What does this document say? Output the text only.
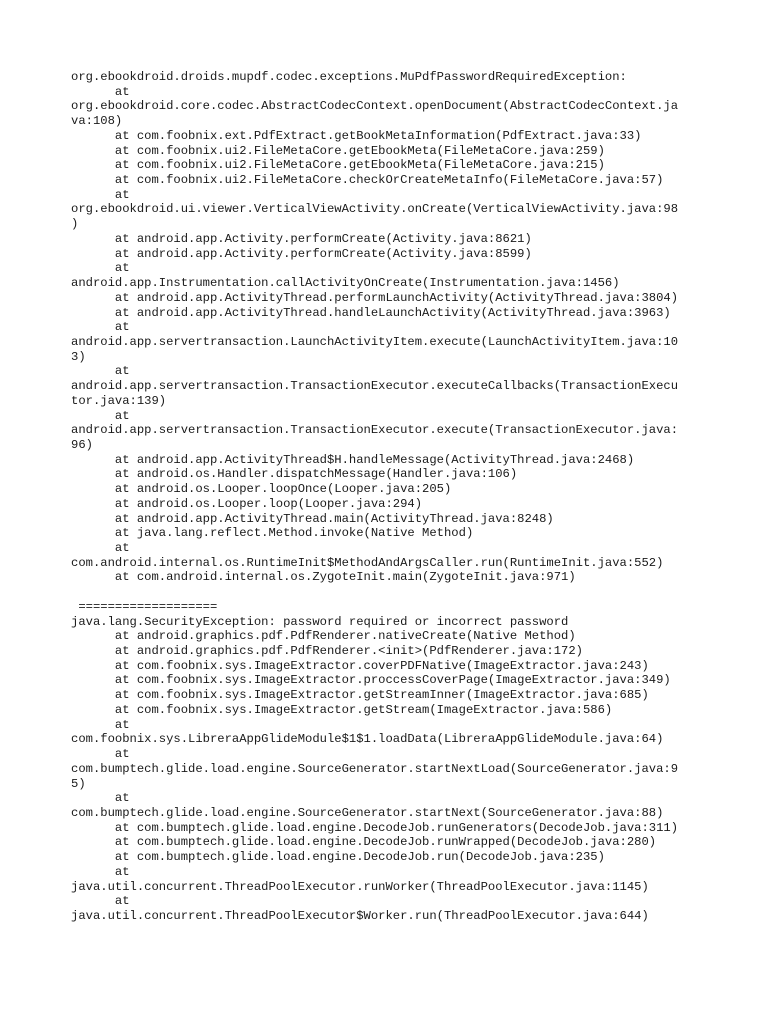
org.ebookdroid.droids.mupdf.codec.exceptions.MuPdfPasswordRequiredException:
at
org.ebookdroid.core.codec.AbstractCodecContext.openDocument(AbstractCodecContext.ja
va:108)
at com.foobnix.ext.PdfExtract.getBookMetaInformation(PdfExtract.java:33)
at com.foobnix.ui2.FileMetaCore.getEbookMeta(FileMetaCore.java:259)
at com.foobnix.ui2.FileMetaCore.getEbookMeta(FileMetaCore.java:215)
at com.foobnix.ui2.FileMetaCore.checkOrCreateMetaInfo(FileMetaCore.java:57)
at
org.ebookdroid.ui.viewer.VerticalViewActivity.onCreate(VerticalViewActivity.java:98
)
at android.app.Activity.performCreate(Activity.java:8621)
at android.app.Activity.performCreate(Activity.java:8599)
at
android.app.Instrumentation.callActivityOnCreate(Instrumentation.java:1456)
at android.app.ActivityThread.performLaunchActivity(ActivityThread.java:3804)
at android.app.ActivityThread.handleLaunchActivity(ActivityThread.java:3963)
at
android.app.servertransaction.LaunchActivityItem.execute(LaunchActivityItem.java:10
3)
at
android.app.servertransaction.TransactionExecutor.executeCallbacks(TransactionExecu
tor.java:139)
at
android.app.servertransaction.TransactionExecutor.execute(TransactionExecutor.java:
96)
at android.app.ActivityThread$H.handleMessage(ActivityThread.java:2468)
at android.os.Handler.dispatchMessage(Handler.java:106)
at android.os.Looper.loopOnce(Looper.java:205)
at android.os.Looper.loop(Looper.java:294)
at android.app.ActivityThread.main(ActivityThread.java:8248)
at java.lang.reflect.Method.invoke(Native Method)
at
com.android.internal.os.RuntimeInit$MethodAndArgsCaller.run(RuntimeInit.java:552)
at com.android.internal.os.ZygoteInit.main(ZygoteInit.java:971)
===================
java.lang.SecurityException: password required or incorrect password
at android.graphics.pdf.PdfRenderer.nativeCreate(Native Method)
at android.graphics.pdf.PdfRenderer.<init>(PdfRenderer.java:172)
at com.foobnix.sys.ImageExtractor.coverPDFNative(ImageExtractor.java:243)
at com.foobnix.sys.ImageExtractor.proccessCoverPage(ImageExtractor.java:349)
at com.foobnix.sys.ImageExtractor.getStreamInner(ImageExtractor.java:685)
at com.foobnix.sys.ImageExtractor.getStream(ImageExtractor.java:586)
at
com.foobnix.sys.LibreraAppGlideModule$1$1.loadData(LibreraAppGlideModule.java:64)
at
com.bumptech.glide.load.engine.SourceGenerator.startNextLoad(SourceGenerator.java:9
5)
at
com.bumptech.glide.load.engine.SourceGenerator.startNext(SourceGenerator.java:88)
at com.bumptech.glide.load.engine.DecodeJob.runGenerators(DecodeJob.java:311)
at com.bumptech.glide.load.engine.DecodeJob.runWrapped(DecodeJob.java:280)
at com.bumptech.glide.load.engine.DecodeJob.run(DecodeJob.java:235)
at
java.util.concurrent.ThreadPoolExecutor.runWorker(ThreadPoolExecutor.java:1145)
at
java.util.concurrent.ThreadPoolExecutor$Worker.run(ThreadPoolExecutor.java:644)
